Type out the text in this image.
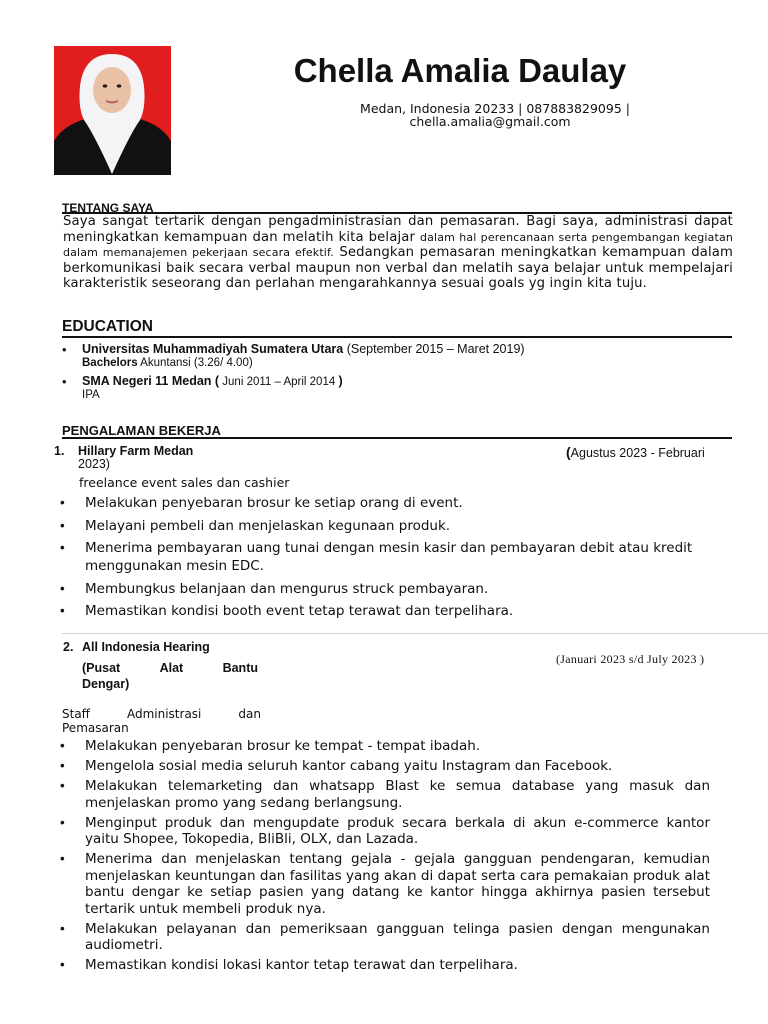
Chella Amalia Daulay
Medan, Indonesia 20233 | 087883829095 |
chella.amalia@gmail.com
TENTANG SAYA
Saya sangat tertarik dengan pengadministrasian dan pemasaran. Bagi saya, administrasi dapat meningkatkan kemampuan dan melatih kita belajar dalam hal perencanaan serta pengembangan kegiatan dalam memanajemen pekerjaan secara efektif. Sedangkan pemasaran meningkatkan kemampuan dalam berkomunikasi baik secara verbal maupun non verbal dan melatih saya belajar untuk mempelajari karakteristik seseorang dan perlahan mengarahkannya sesuai goals yg ingin kita tuju.
EDUCATION
• Universitas Muhammadiyah Sumatera Utara (September 2015 – Maret 2019)
Bachelors Akuntansi (3.26/ 4.00)
• SMA Negeri 11 Medan ( Juni 2011 – April 2014 )
IPA
PENGALAMAN BEKERJA
1. Hillary Farm Medan	(Agustus 2023 - Februari
2023)
freelance event sales dan cashier
• Melakukan penyebaran brosur ke setiap orang di event.
• Melayani pembeli dan menjelaskan kegunaan produk.
• Menerima pembayaran uang tunai dengan mesin kasir dan pembayaran debit atau kredit menggunakan mesin EDC.
• Membungkus belanjaan dan mengurus struck pembayaran.
• Memastikan kondisi booth event tetap terawat dan terpelihara.
2. All Indonesia Hearing
(Pusat	Alat	Bantu
Dengar)
(Januari 2023 s/d July 2023 )
Staff	Administrasi	dan
Pemasaran
• Melakukan penyebaran brosur ke tempat - tempat ibadah.
• Mengelola sosial media seluruh kantor cabang yaitu Instagram dan Facebook.
• Melakukan telemarketing dan whatsapp Blast ke semua database yang masuk dan menjelaskan promo yang sedang berlangsung.
• Menginput produk dan mengupdate produk secara berkala di akun e-commerce kantor yaitu Shopee, Tokopedia, BliBli, OLX, dan Lazada.
• Menerima dan menjelaskan tentang gejala - gejala gangguan pendengaran, kemudian menjelaskan keuntungan dan fasilitas yang akan di dapat serta cara pemakaian produk alat bantu dengar ke setiap pasien yang datang ke kantor hingga akhirnya pasien tersebut tertarik untuk membeli produk nya.
• Melakukan pelayanan dan pemeriksaan gangguan telinga pasien dengan mengunakan audiometri.
• Memastikan kondisi lokasi kantor tetap terawat dan terpelihara.
